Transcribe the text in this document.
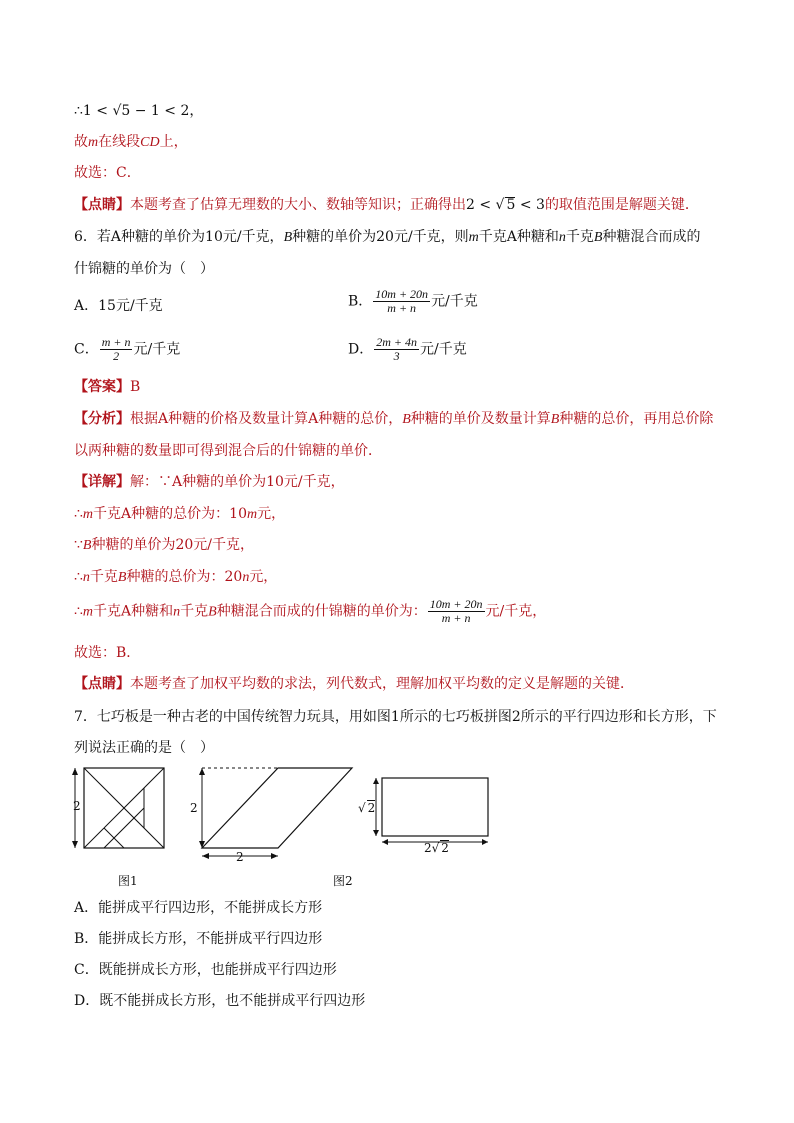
∴1 < √5 − 1 < 2，
故m在线段CD上，
故选：C．
【点睛】本题考查了估算无理数的大小、数轴等知识；正确得出2 < √ 5 < 3的取值范围是解题关键．
6．若A种糖的单价为10元/千克，B种糖的单价为20元/千克，则m千克A种糖和n千克B种糖混合而成的
什锦糖的单价为（　）
A．15元/千克	B． $\frac{10m + 20n}{m + n}$ 元/千克
C． $\frac{m + n}{2}$ 元/千克	D． $\frac{2m + 4n}{3}$ 元/千克
【答案】B
【分析】根据A种糖的价格及数量计算A种糖的总价，B种糖的单价及数量计算B种糖的总价，再用总价除
以两种糖的数量即可得到混合后的什锦糖的单价．
【详解】解：∵A种糖的单价为10元/千克，
∴m千克A种糖的总价为：10m元，
∵B种糖的单价为20元/千克，
∴n千克B种糖的总价为：20n元，
∴m千克A种糖和n千克B种糖混合而成的什锦糖的单价为： $\frac{10m + 20n}{m + n}$ 元/千克，
故选：B．
【点睛】本题考查了加权平均数的求法，列代数式，理解加权平均数的定义是解题的关键．
7．七巧板是一种古老的中国传统智力玩具，用如图1所示的七巧板拼图2所示的平行四边形和长方形，下
列说法正确的是（　）
2
图1
2
2
图2
√ 2
2√ 2
A．能拼成平行四边形，不能拼成长方形
B．能拼成长方形，不能拼成平行四边形
C．既能拼成长方形，也能拼成平行四边形
D．既不能拼成长方形，也不能拼成平行四边形
